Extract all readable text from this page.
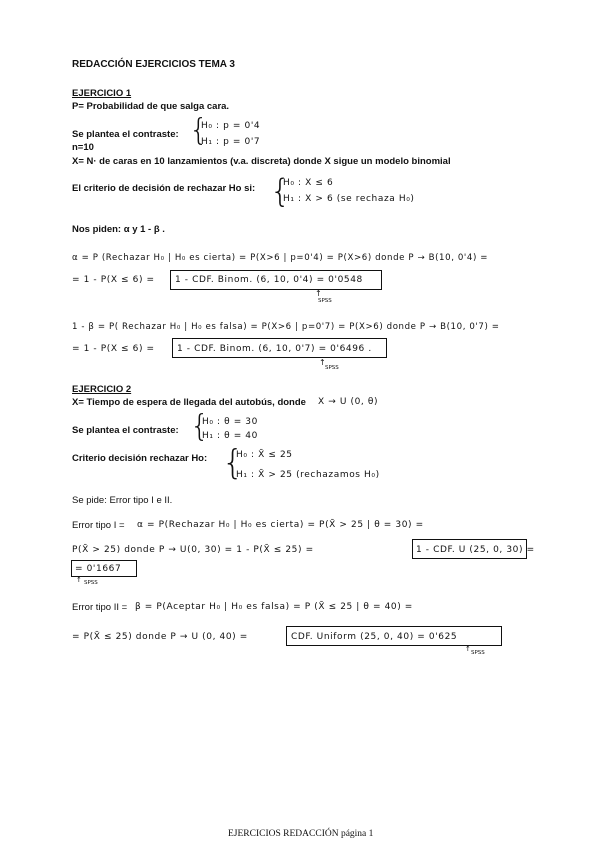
REDACCIÓN EJERCICIOS TEMA 3
EJERCICIO 1
P= Probabilidad de que salga cara.
Se plantea el contraste: {
H₀ : p = 0'4
H₁ : p = 0'7
n=10
X= N· de caras en 10 lanzamientos (v.a. discreta) donde X sigue un modelo binomial
El criterio de decisión de rechazar Ho si: {
H₀ : X ≤ 6
H₁ : X > 6 (se rechaza H₀)
Nos piden: α y 1 - β .
α = P (Rechazar H₀ | H₀ es cierta) = P(X>6 | p=0'4) = P(X>6) donde P → B(10, 0'4) =
= 1 - P(X ≤ 6) = 1 - CDF. Binom. (6, 10, 0'4) = 0'0548
↑
SPSS
1 - β = P( Rechazar H₀ | H₀ es falsa) = P(X>6 | p=0'7) = P(X>6) donde P → B(10, 0'7) =
= 1 - P(X ≤ 6) = 1 - CDF. Binom. (6, 10, 0'7) = 0'6496 .
↑
SPSS
EJERCICIO 2
X= Tiempo de espera de llegada del autobús, donde X → U (0, θ)
Se plantea el contraste: {
H₀ : θ = 30
H₁ : θ = 40
Criterio decisión rechazar Ho: {
H₀ : X̄ ≤ 25
H₁ : X̄ > 25 (rechazamos H₀)
Se pide: Error tipo I e II.
Error tipo I = α = P(Rechazar H₀ | H₀ es cierta) = P(X̄ > 25 | θ = 30) =
P(X̄ > 25) donde P → U(0, 30) = 1 - P(X̄ ≤ 25) =	1 - CDF. U (25, 0, 30) =
= 0'1667
↑ SPSS
Error tipo II = β = P(Aceptar H₀ | H₀ es falsa) = P (X̄ ≤ 25 | θ = 40) =
= P(X̄ ≤ 25) donde P → U (0, 40) =	CDF. Uniform (25, 0, 40) = 0'625
↑ SPSS
EJERCICIOS REDACCIÓN página 1
